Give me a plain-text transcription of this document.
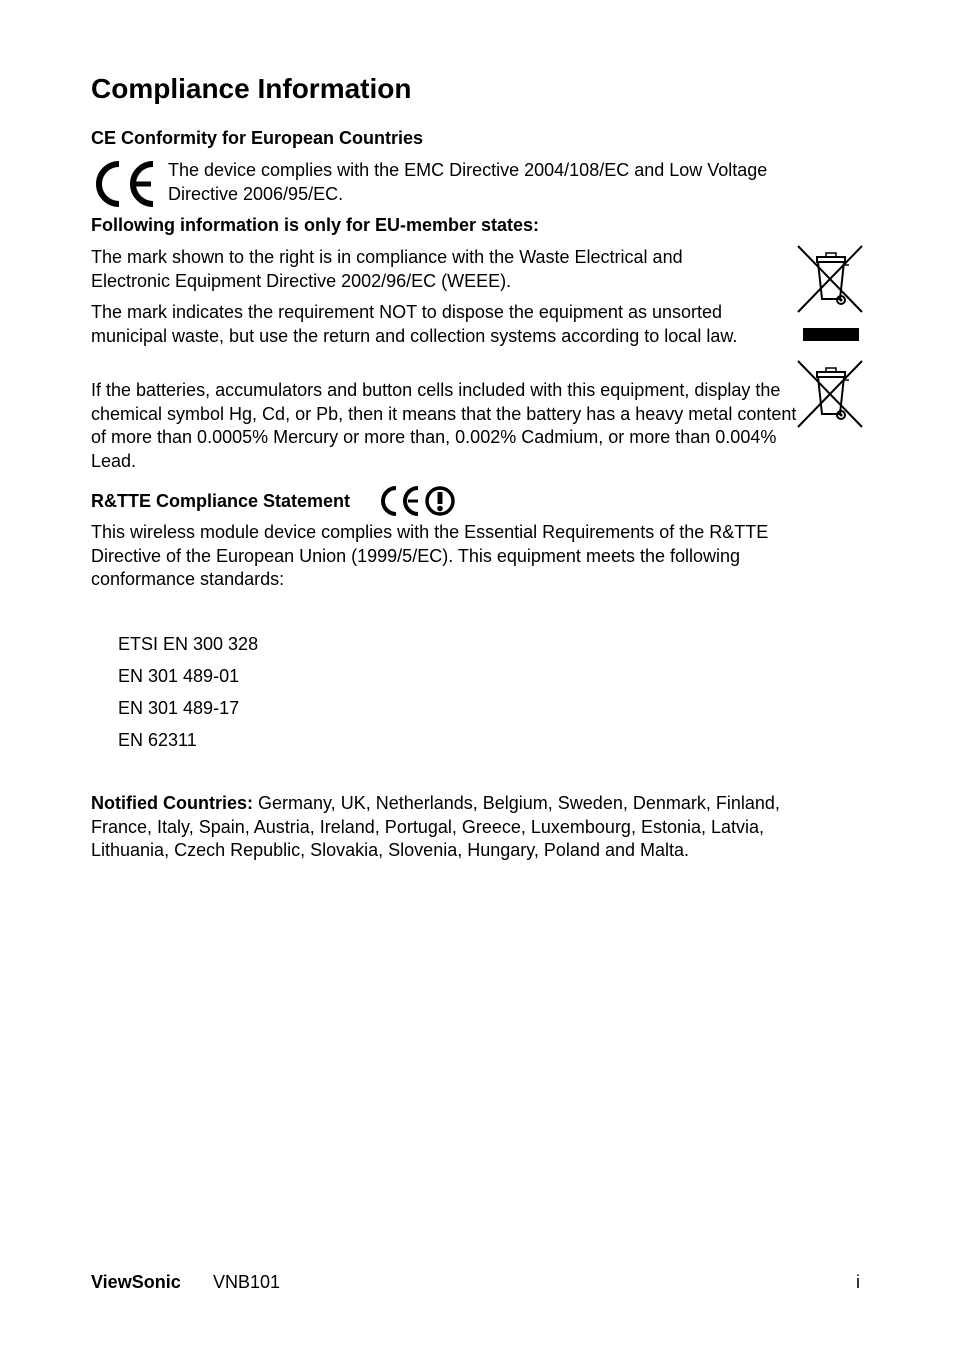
Compliance Information
CE Conformity for European Countries
The device complies with the EMC Directive 2004/108/EC and Low Voltage Directive 2006/95/EC.
Following information is only for EU-member states:
The mark shown to the right is in compliance with the Waste Electrical and Electronic Equipment Directive 2002/96/EC (WEEE).
The mark indicates the requirement NOT to dispose the equipment as unsorted municipal waste, but use the return and collection systems according to local law.
If the batteries, accumulators and button cells included with this equipment, display the chemical symbol Hg, Cd, or Pb, then it means that the battery has a heavy metal content of more than 0.0005% Mercury or more than, 0.002% Cadmium, or more than 0.004% Lead.
R&TTE Compliance Statement
This wireless module device complies with the Essential Requirements of the R&TTE Directive of the European Union (1999/5/EC). This equipment meets the following conformance standards:
ETSI EN 300 328
EN 301 489-01
EN 301 489-17
EN 62311
Notified Countries: Germany, UK, Netherlands, Belgium, Sweden, Denmark, Finland, France, Italy, Spain, Austria, Ireland, Portugal, Greece, Luxembourg, Estonia, Latvia, Lithuania, Czech Republic, Slovakia, Slovenia, Hungary, Poland and Malta.
ViewSonic VNB101	i
